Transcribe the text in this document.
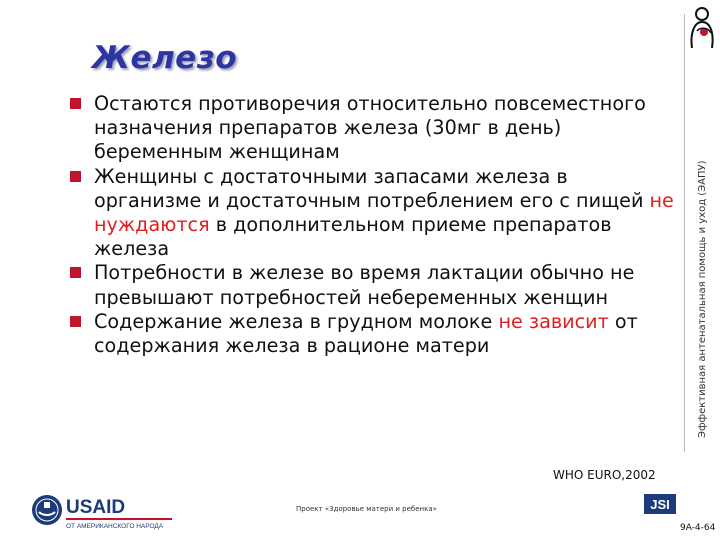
Железо
Эффективная антенатальная помощь и уход (ЭАПУ)
Остаются противоречия относительно повсеместного назначения препаратов железа (30мг в день) беременным женщинам
Женщины с достаточными запасами железа в организме и достаточным потреблением его с пищей не нуждаются в дополнительном приеме препаратов железа
Потребности в железе во время лактации обычно не превышают потребностей небеременных женщин
Содержание железа в грудном молоке не зависит от содержания железа в рационе матери
WHO EURO,2002
USAID
ОТ АМЕРИКАНСКОГО НАРОДА
Проект «Здоровье матери и ребенка»	JSI
9A-4-64
